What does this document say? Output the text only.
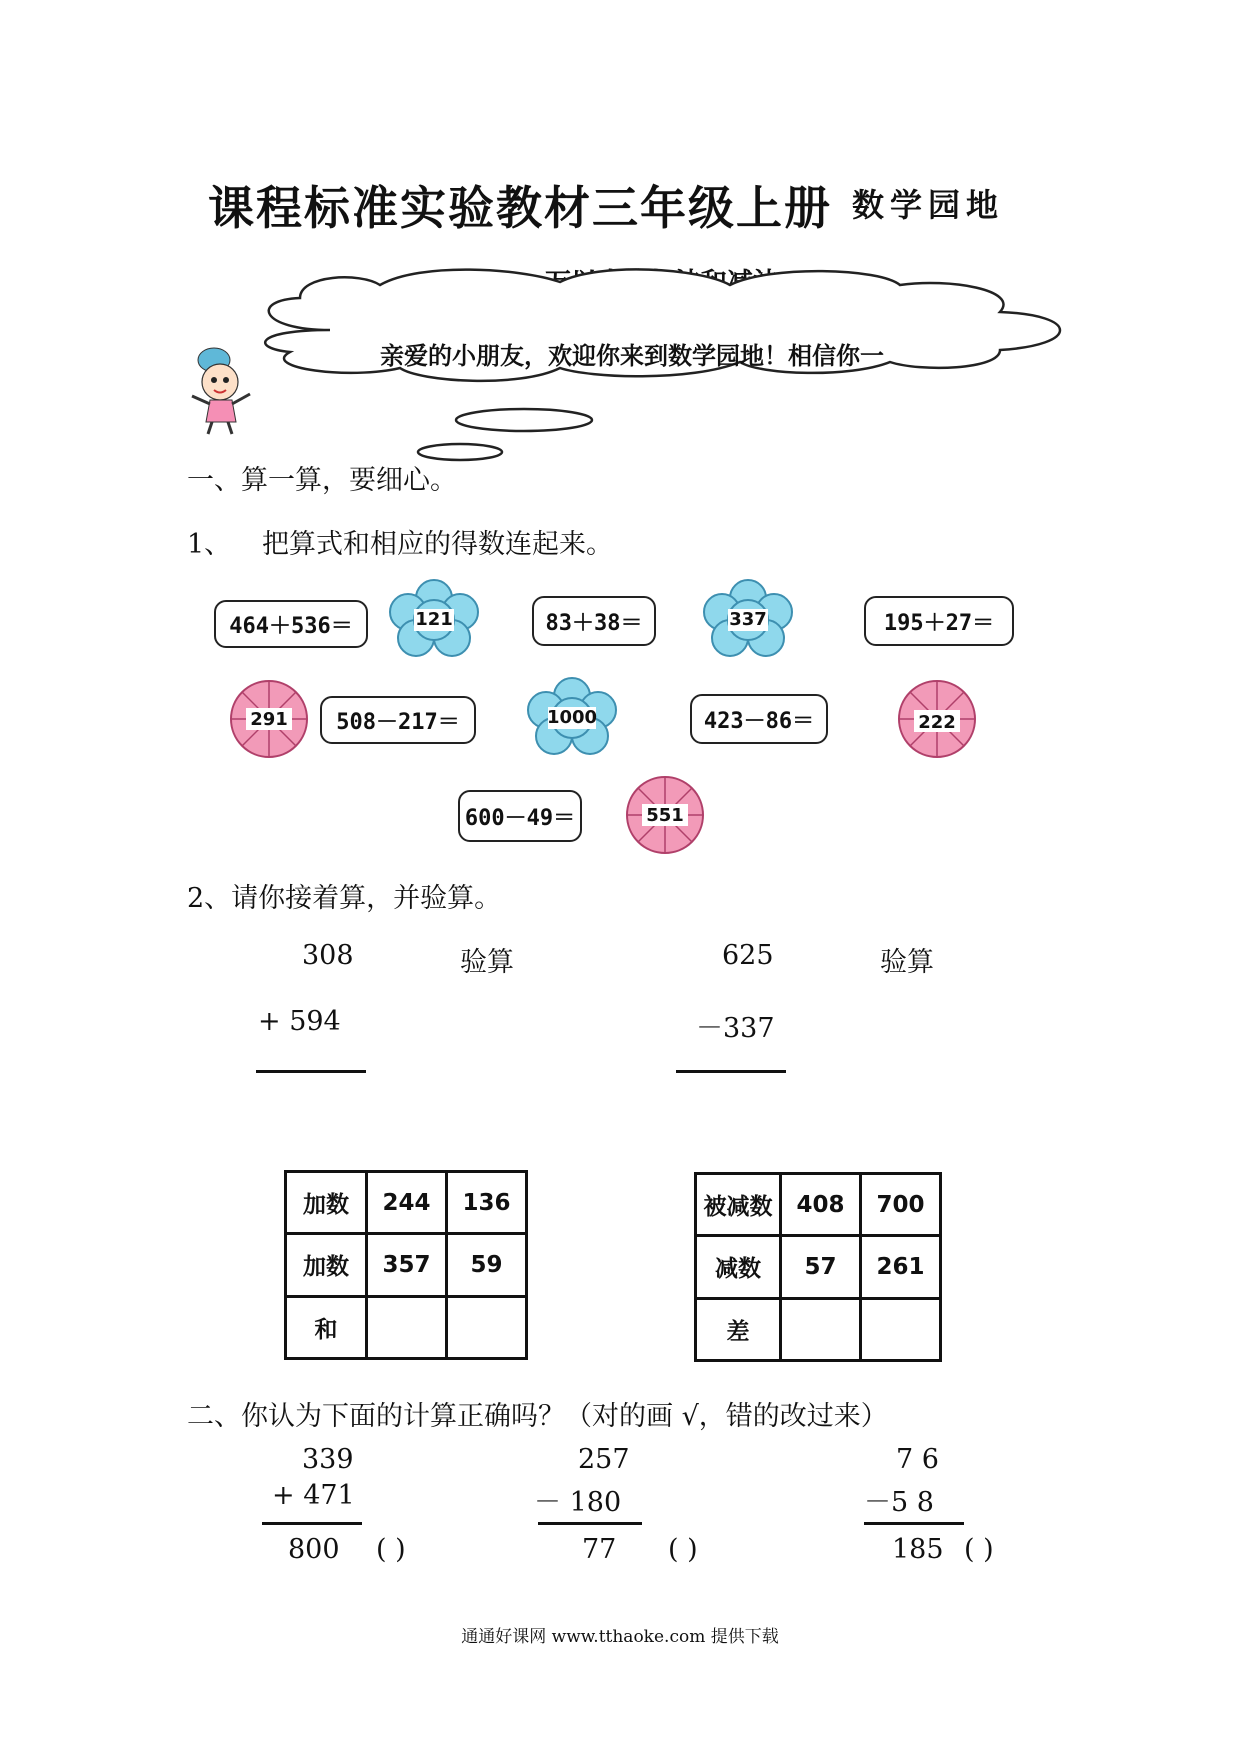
课程标准实验教材三年级上册 数学园地
亲爱的小朋友，欢迎你来到数学园地！相信你一
一、算一算，要细心。
1、 把算式和相应的得数连起来。
464＋536＝	83＋38＝	195＋27＝
508－217＝	423－86＝
600－49＝
121	337
1000
291	222
551
2、请你接着算，并验算。
308	验算
+ 594
625	验算
－337
加数	244	136
加数	357	59
和		
被减数	408	700
减数	57	261
差		
二、你认为下面的计算正确吗？（对的画 √，错的改过来）
339
+ 471
800 ( )
257
－ 180
77 ( )
7 6
－5 8
185 ( )
通通好课网 www.tthaoke.com 提供下载
